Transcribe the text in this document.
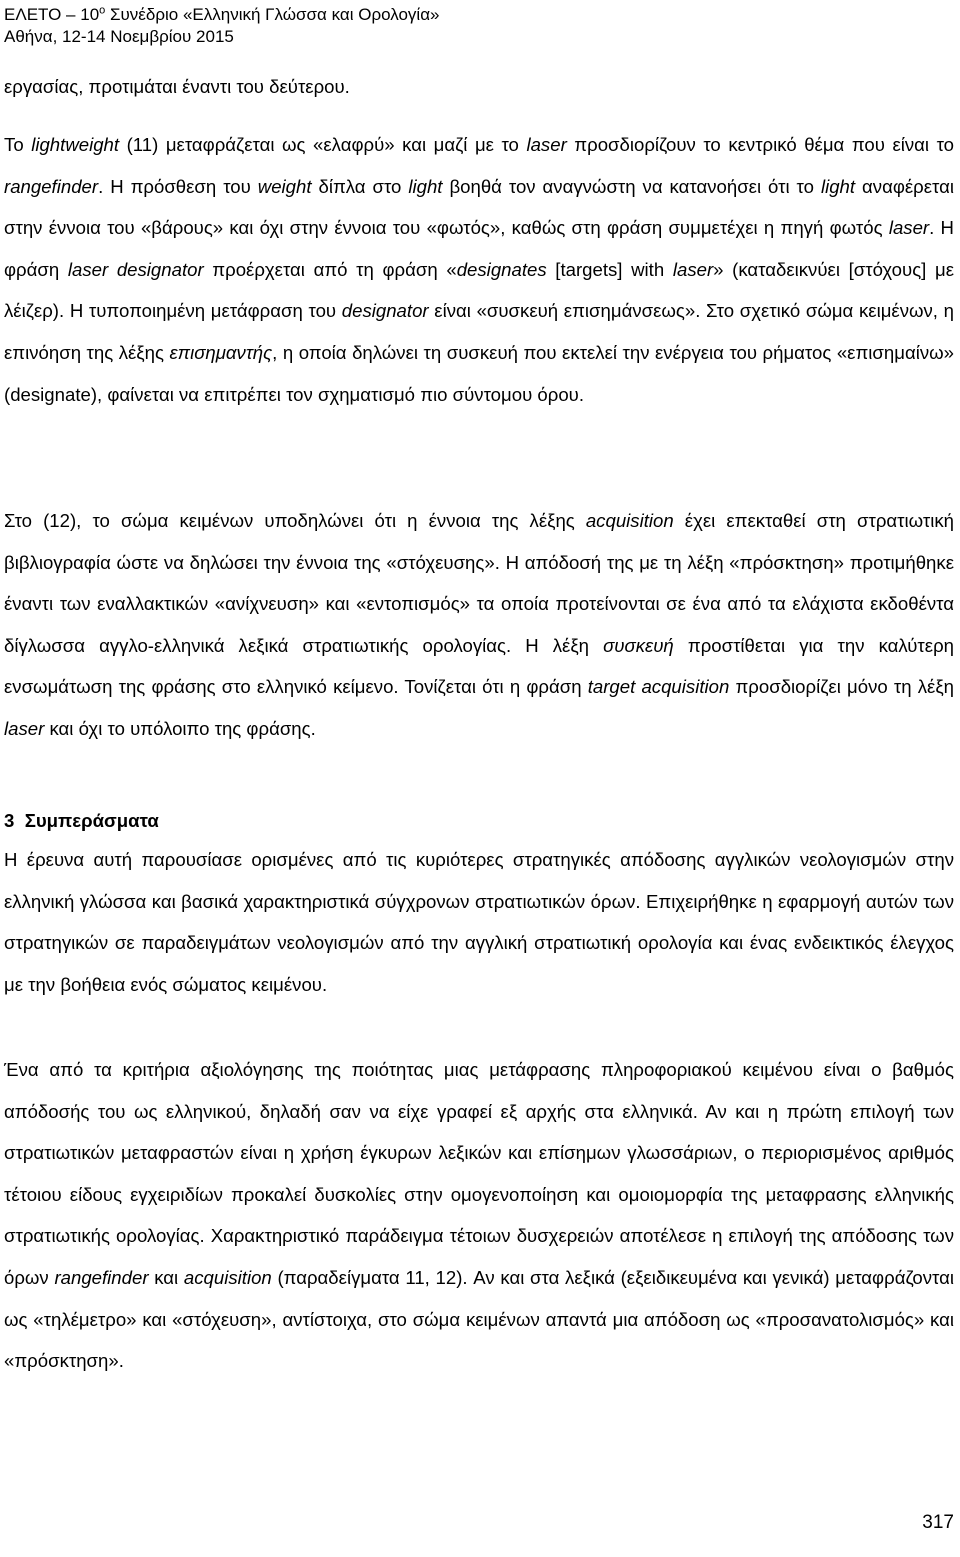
ΕΛΕΤΟ – $10^o$ Συνέδριο «Ελληνική Γλώσσα και Ορολογία»
Αθήνα, 12-14 Νοεμβρίου 2015

εργασίας, προτιμάται έναντι του δεύτερου.

Το lightweight (11) μεταφράζεται ως «ελαφρύ» και μαζί με το laser προσδιορίζουν το κεντρικό θέμα που είναι το rangefinder. Η πρόσθεση του weight δίπλα στο light βοηθά τον αναγνώστη να κατανοήσει ότι το light αναφέρεται στην έννοια του «βάρους» και όχι στην έννοια του «φωτός», καθώς στη φράση συμμετέχει η πηγή φωτός laser. Η φράση laser designator προέρχεται από τη φράση «designates [targets] with laser» (καταδεικνύει [στόχους] με λέιζερ). Η τυποποιημένη μετάφραση του designator είναι «συσκευή επισημάνσεως». Στο σχετικό σώμα κειμένων, η επινόηση της λέξης επισημαντής, η οποία δηλώνει τη συσκευή που εκτελεί την ενέργεια του ρήματος «επισημαίνω» (designate), φαίνεται να επιτρέπει τον σχηματισμό πιο σύντομου όρου.

Στο (12), το σώμα κειμένων υποδηλώνει ότι η έννοια της λέξης acquisition έχει επεκταθεί στη στρατιωτική βιβλιογραφία ώστε να δηλώσει την έννοια της «στόχευσης». Η απόδοσή της με τη λέξη «πρόσκτηση» προτιμήθηκε έναντι των εναλλακτικών «ανίχνευση» και «εντοπισμός» τα οποία προτείνονται σε ένα από τα ελάχιστα εκδοθέντα δίγλωσσα αγγλο-ελληνικά λεξικά στρατιωτικής ορολογίας. Η λέξη συσκευή προστίθεται για την καλύτερη ενσωμάτωση της φράσης στο ελληνικό κείμενο. Τονίζεται ότι η φράση target acquisition προσδιορίζει μόνο τη λέξη laser και όχι το υπόλοιπο της φράσης.

3 Συμπεράσματα

Η έρευνα αυτή παρουσίασε ορισμένες από τις κυριότερες στρατηγικές απόδοσης αγγλικών νεολογισμών στην ελληνική γλώσσα και βασικά χαρακτηριστικά σύγχρονων στρατιωτικών όρων. Επιχειρήθηκε η εφαρμογή αυτών των στρατηγικών σε παραδειγμάτων νεολογισμών από την αγγλική στρατιωτική ορολογία και ένας ενδεικτικός έλεγχος με την βοήθεια ενός σώματος κειμένου.

Ένα από τα κριτήρια αξιολόγησης της ποιότητας μιας μετάφρασης πληροφοριακού κειμένου είναι ο βαθμός απόδοσής του ως ελληνικού, δηλαδή σαν να είχε γραφεί εξ αρχής στα ελληνικά. Αν και η πρώτη επιλογή των στρατιωτικών μεταφραστών είναι η χρήση έγκυρων λεξικών και επίσημων γλωσσάριων, ο περιορισμένος αριθμός τέτοιου είδους εγχειριδίων προκαλεί δυσκολίες στην ομογενοποίηση και ομοιομορφία της μεταφρασης ελληνικής στρατιωτικής ορολογίας. Χαρακτηριστικό παράδειγμα τέτοιων δυσχερειών αποτέλεσε η επιλογή της απόδοσης των όρων rangefinder και acquisition (παραδείγματα 11, 12). Αν και στα λεξικά (εξειδικευμένα και γενικά) μεταφράζονται ως «τηλέμετρο» και «στόχευση», αντίστοιχα, στο σώμα κειμένων απαντά μια απόδοση ως «προσανατολισμός» και «πρόσκτηση».

317
